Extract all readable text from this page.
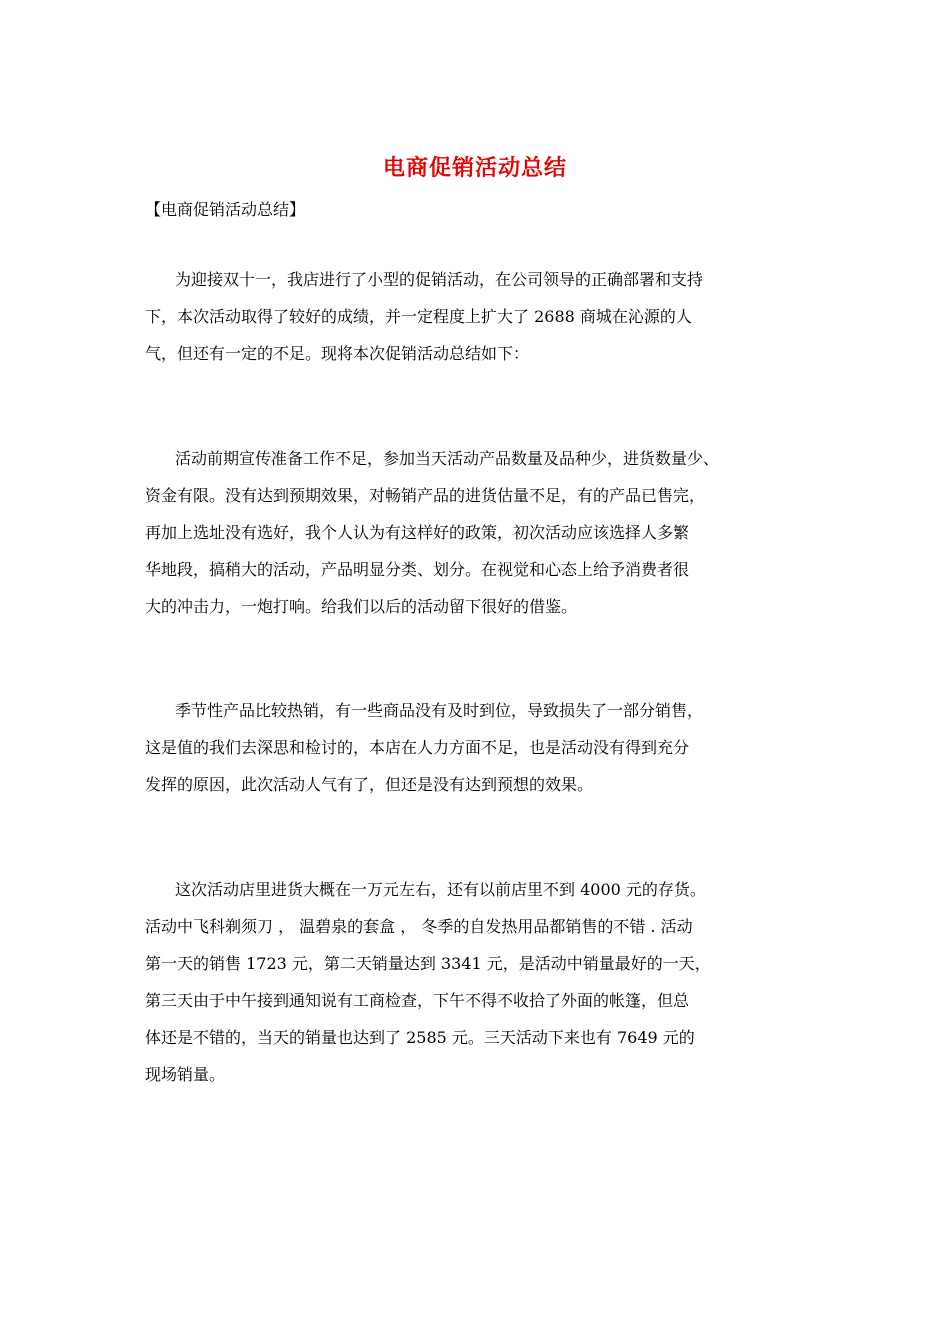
电商促销活动总结

【电商促销活动总结】

为迎接双十一，我店进行了小型的促销活动，在公司领导的正确部署和支持
下，本次活动取得了较好的成绩，并一定程度上扩大了 2688 商城在沁源的人
气，但还有一定的不足。现将本次促销活动总结如下：
活动前期宣传准备工作不足，参加当天活动产品数量及品种少，进货数量少、
资金有限。没有达到预期效果，对畅销产品的进货估量不足，有的产品已售完，
再加上选址没有选好，我个人认为有这样好的政策，初次活动应该选择人多繁
华地段，搞稍大的活动，产品明显分类、划分。在视觉和心态上给予消费者很
大的冲击力，一炮打响。给我们以后的活动留下很好的借鉴。
季节性产品比较热销，有一些商品没有及时到位，导致损失了一部分销售，
这是值的我们去深思和检讨的，本店在人力方面不足，也是活动没有得到充分
发挥的原因，此次活动人气有了，但还是没有达到预想的效果。
这次活动店里进货大概在一万元左右，还有以前店里不到 4000 元的存货。
活动中飞科剃须刀 ， 温碧泉的套盒 ， 冬季的自发热用品都销售的不错 . 活动
第一天的销售 1723 元，第二天销量达到 3341 元，是活动中销量最好的一天，
第三天由于中午接到通知说有工商检查，下午不得不收拾了外面的帐篷，但总
体还是不错的，当天的销量也达到了 2585 元。三天活动下来也有 7649 元的
现场销量。
